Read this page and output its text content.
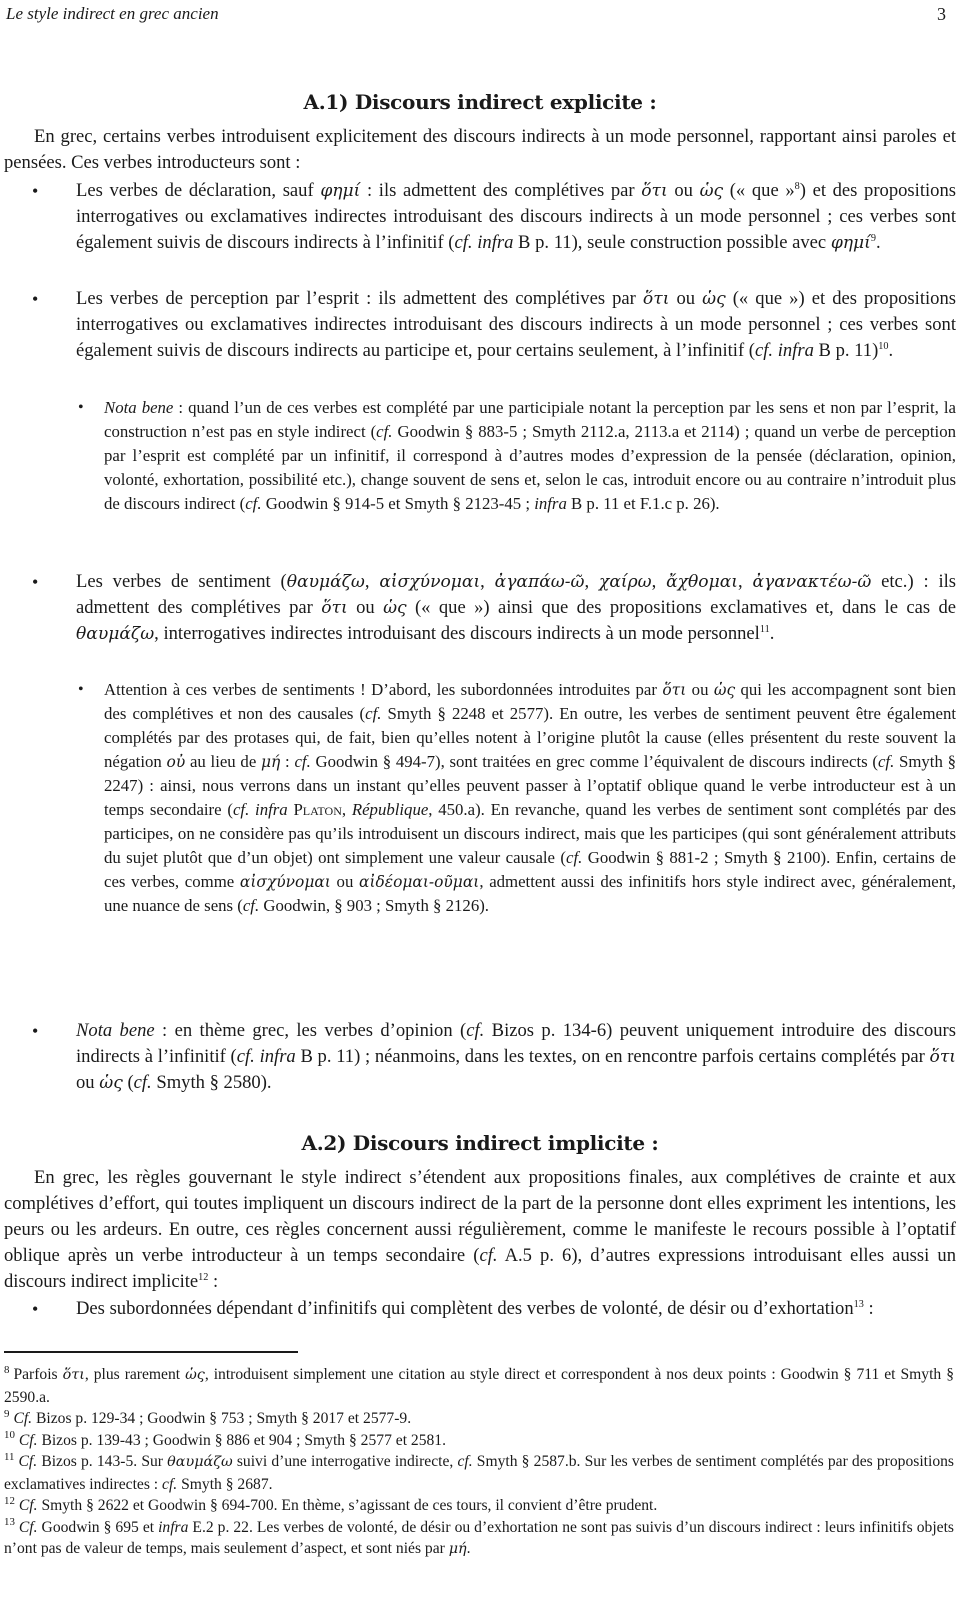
Le style indirect en grec ancien	3
A.1) Discours indirect explicite :
En grec, certains verbes introduisent explicitement des discours indirects à un mode personnel, rapportant ainsi paroles et pensées. Ces verbes introducteurs sont :
• Les verbes de déclaration, sauf φημί : ils admettent des complétives par ὅτι ou ὡς (« que »$^8$) et des propositions interrogatives ou exclamatives indirectes introduisant des discours indirects à un mode personnel ; ces verbes sont également suivis de discours indirects à l’infinitif (cf. infra B p. 11), seule construction possible avec φημί$^9$.
• Les verbes de perception par l’esprit : ils admettent des complétives par ὅτι ou ὡς (« que ») et des propositions interrogatives ou exclamatives indirectes introduisant des discours indirects à un mode personnel ; ces verbes sont également suivis de discours indirects au participe et, pour certains seulement, à l’infinitif (cf. infra B p. 11)$^{10}$.
• Nota bene : quand l’un de ces verbes est complété par une participiale notant la perception par les sens et non par l’esprit, la construction n’est pas en style indirect (cf. Goodwin § 883-5 ; Smyth 2112.a, 2113.a et 2114) ; quand un verbe de perception par l’esprit est complété par un infinitif, il correspond à d’autres modes d’expression de la pensée (déclaration, opinion, volonté, exhortation, possibilité etc.), change souvent de sens et, selon le cas, introduit encore ou au contraire n’introduit plus de discours indirect (cf. Goodwin § 914-5 et Smyth § 2123-45 ; infra B p. 11 et F.1.c p. 26).
• Les verbes de sentiment (θαυμάζω, αἰσχύνομαι, ἀγαπάω-ῶ, χαίρω, ἄχθομαι, ἀγανακτέω-ῶ etc.) : ils admettent des complétives par ὅτι ou ὡς (« que ») ainsi que des propositions exclamatives et, dans le cas de θαυμάζω, interrogatives indirectes introduisant des discours indirects à un mode personnel$^{11}$.
• Attention à ces verbes de sentiments ! D’abord, les subordonnées introduites par ὅτι ou ὡς qui les accompagnent sont bien des complétives et non des causales (cf. Smyth § 2248 et 2577). En outre, les verbes de sentiment peuvent être également complétés par des protases qui, de fait, bien qu’elles notent à l’origine plutôt la cause (elles présentent du reste souvent la négation οὐ au lieu de μή : cf. Goodwin § 494-7), sont traitées en grec comme l’équivalent de discours indirects (cf. Smyth § 2247) : ainsi, nous verrons dans un instant qu’elles peuvent passer à l’optatif oblique quand le verbe introducteur est à un temps secondaire (cf. infra Platon, République, 450.a). En revanche, quand les verbes de sentiment sont complétés par des participes, on ne considère pas qu’ils introduisent un discours indirect, mais que les participes (qui sont généralement attributs du sujet plutôt que d’un objet) ont simplement une valeur causale (cf. Goodwin § 881-2 ; Smyth § 2100). Enfin, certains de ces verbes, comme αἰσχύνομαι ou αἰδέομαι-οῦμαι, admettent aussi des infinitifs hors style indirect avec, généralement, une nuance de sens (cf. Goodwin, § 903 ; Smyth § 2126).
• Nota bene : en thème grec, les verbes d’opinion (cf. Bizos p. 134-6) peuvent uniquement introduire des discours indirects à l’infinitif (cf. infra B p. 11) ; néanmoins, dans les textes, on en rencontre parfois certains complétés par ὅτι ou ὡς (cf. Smyth § 2580).
A.2) Discours indirect implicite :
En grec, les règles gouvernant le style indirect s’étendent aux propositions finales, aux complétives de crainte et aux complétives d’effort, qui toutes impliquent un discours indirect de la part de la personne dont elles expriment les intentions, les peurs ou les ardeurs. En outre, ces règles concernent aussi régulièrement, comme le manifeste le recours possible à l’optatif oblique après un verbe introducteur à un temps secondaire (cf. A.5 p. 6), d’autres expressions introduisant elles aussi un discours indirect implicite$^{12}$ :
• Des subordonnées dépendant d’infinitifs qui complètent des verbes de volonté, de désir ou d’exhortation$^{13}$ :

$^8$ Parfois ὅτι, plus rarement ὡς, introduisent simplement une citation au style direct et correspondent à nos deux points : Goodwin § 711 et Smyth § 2590.a.

$^9$ Cf. Bizos p. 129-34 ; Goodwin § 753 ; Smyth § 2017 et 2577-9.

$^{10}$ Cf. Bizos p. 139-43 ; Goodwin § 886 et 904 ; Smyth § 2577 et 2581.

$^{11}$ Cf. Bizos p. 143-5. Sur θαυμάζω suivi d’une interrogative indirecte, cf. Smyth § 2587.b. Sur les verbes de sentiment complétés par des propositions exclamatives indirectes : cf. Smyth § 2687.

$^{12}$ Cf. Smyth § 2622 et Goodwin § 694-700. En thème, s’agissant de ces tours, il convient d’être prudent.

$^{13}$ Cf. Goodwin § 695 et infra E.2 p. 22. Les verbes de volonté, de désir ou d’exhortation ne sont pas suivis d’un discours indirect : leurs infinitifs objets n’ont pas de valeur de temps, mais seulement d’aspect, et sont niés par μή.
